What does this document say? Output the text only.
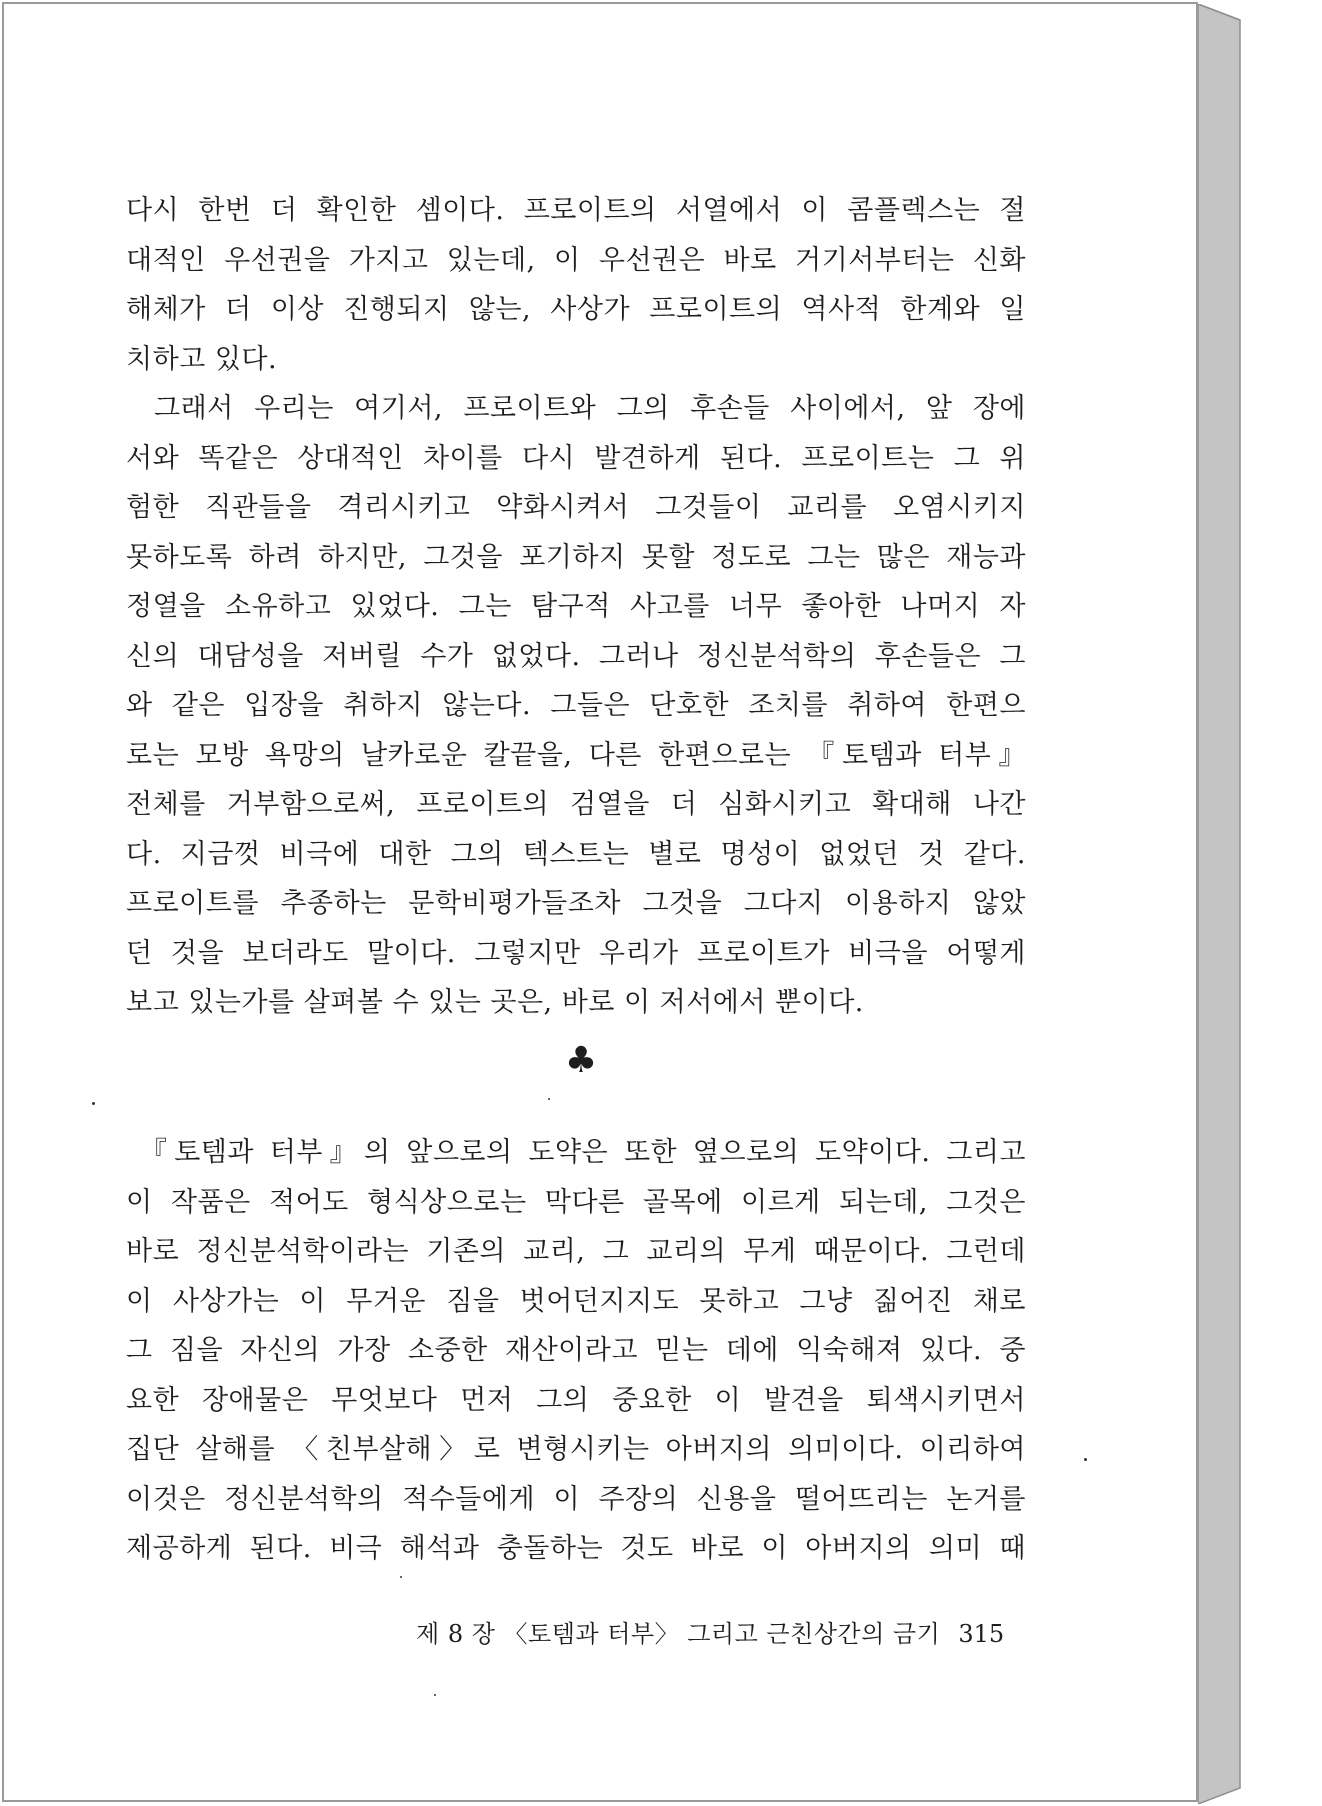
다시 한번 더 확인한 셈이다. 프로이트의 서열에서 이 콤플렉스는 절
대적인 우선권을 가지고 있는데, 이 우선권은 바로 거기서부터는 신화
해체가 더 이상 진행되지 않는, 사상가 프로이트의 역사적 한계와 일
치하고 있다.
그래서 우리는 여기서, 프로이트와 그의 후손들 사이에서, 앞 장에
서와 똑같은 상대적인 차이를 다시 발견하게 된다. 프로이트는 그 위
험한 직관들을 격리시키고 약화시켜서 그것들이 교리를 오염시키지
못하도록 하려 하지만, 그것을 포기하지 못할 정도로 그는 많은 재능과
정열을 소유하고 있었다. 그는 탐구적 사고를 너무 좋아한 나머지 자
신의 대담성을 저버릴 수가 없었다. 그러나 정신분석학의 후손들은 그
와 같은 입장을 취하지 않는다. 그들은 단호한 조치를 취하여 한편으
로는 모방 욕망의 날카로운 칼끝을, 다른 한편으로는 『토템과 터부』
전체를 거부함으로써, 프로이트의 검열을 더 심화시키고 확대해 나간
다. 지금껏 비극에 대한 그의 텍스트는 별로 명성이 없었던 것 같다.
프로이트를 추종하는 문학비평가들조차 그것을 그다지 이용하지 않았
던 것을 보더라도 말이다. 그렇지만 우리가 프로이트가 비극을 어떻게
보고 있는가를 살펴볼 수 있는 곳은, 바로 이 저서에서 뿐이다.
♣
『토템과 터부』의 앞으로의 도약은 또한 옆으로의 도약이다. 그리고
이 작품은 적어도 형식상으로는 막다른 골목에 이르게 되는데, 그것은
바로 정신분석학이라는 기존의 교리, 그 교리의 무게 때문이다. 그런데
이 사상가는 이 무거운 짐을 벗어던지지도 못하고 그냥 짊어진 채로
그 짐을 자신의 가장 소중한 재산이라고 믿는 데에 익숙해져 있다. 중
요한 장애물은 무엇보다 먼저 그의 중요한 이 발견을 퇴색시키면서
집단 살해를 〈친부살해〉로 변형시키는 아버지의 의미이다. 이리하여
이것은 정신분석학의 적수들에게 이 주장의 신용을 떨어뜨리는 논거를
제공하게 된다. 비극 해석과 충돌하는 것도 바로 이 아버지의 의미 때
제 8 장 〈토템과 터부〉 그리고 근친상간의 금기 315
